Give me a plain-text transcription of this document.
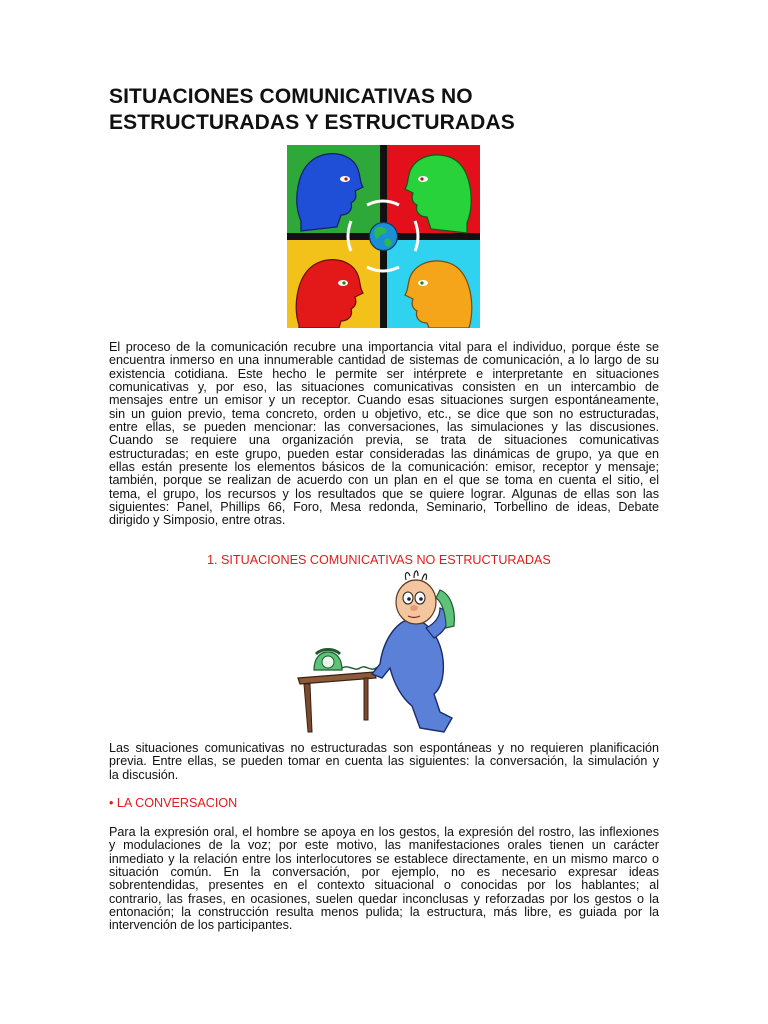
SITUACIONES COMUNICATIVAS NO
ESTRUCTURADAS Y ESTRUCTURADAS
El proceso de la comunicación recubre una importancia vital para el individuo, porque éste se
encuentra inmerso en una innumerable cantidad de sistemas de comunicación, a lo largo de su
existencia cotidiana. Este hecho le permite ser intérprete e interpretante en situaciones
comunicativas y, por eso, las situaciones comunicativas consisten en un intercambio de
mensajes entre un emisor y un receptor. Cuando esas situaciones surgen espontáneamente,
sin un guion previo, tema concreto, orden u objetivo, etc., se dice que son no estructuradas,
entre ellas, se pueden mencionar: las conversaciones, las simulaciones y las discusiones.
Cuando se requiere una organización previa, se trata de situaciones comunicativas
estructuradas; en este grupo, pueden estar consideradas las dinámicas de grupo, ya que en
ellas están presente los elementos básicos de la comunicación: emisor, receptor y mensaje;
también, porque se realizan de acuerdo con un plan en el que se toma en cuenta el sitio, el
tema, el grupo, los recursos y los resultados que se quiere lograr. Algunas de ellas son las
siguientes: Panel, Phillips 66, Foro, Mesa redonda, Seminario, Torbellino de ideas, Debate
dirigido y Simposio, entre otras.
1. SITUACIONES COMUNICATIVAS NO ESTRUCTURADAS
Las situaciones comunicativas no estructuradas son espontáneas y no requieren planificación
previa. Entre ellas, se pueden tomar en cuenta las siguientes: la conversación, la simulación y
la discusión.
• LA CONVERSACION
Para la expresión oral, el hombre se apoya en los gestos, la expresión del rostro, las inflexiones
y modulaciones de la voz; por este motivo, las manifestaciones orales tienen un carácter
inmediato y la relación entre los interlocutores se establece directamente, en un mismo marco o
situación común. En la conversación, por ejemplo, no es necesario expresar ideas
sobrentendidas, presentes en el contexto situacional o conocidas por los hablantes; al
contrario, las frases, en ocasiones, suelen quedar inconclusas y reforzadas por los gestos o la
entonación; la construcción resulta menos pulida; la estructura, más libre, es guiada por la
intervención de los participantes.
